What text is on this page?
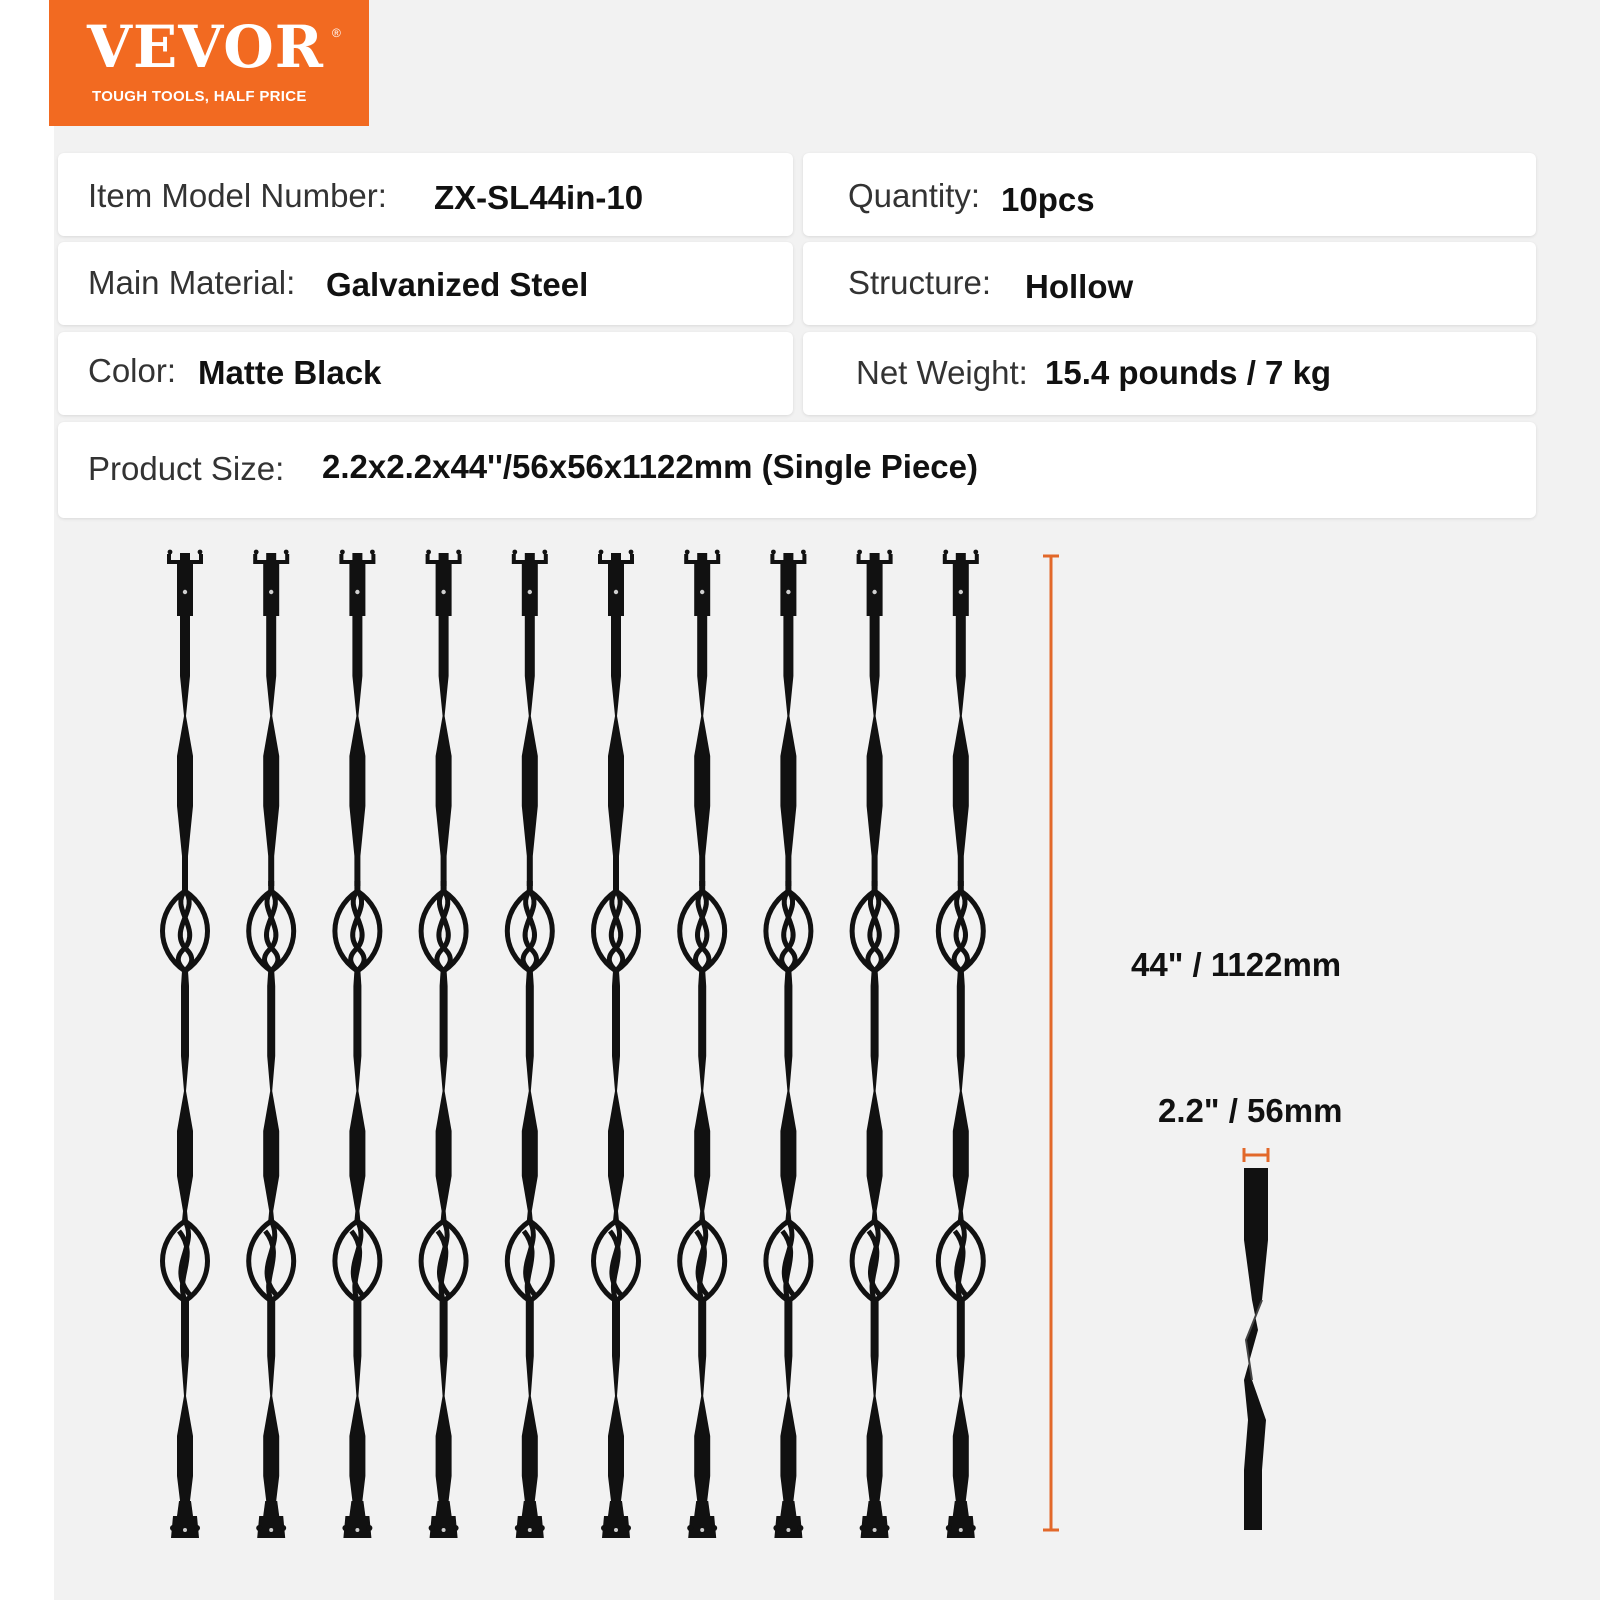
VEVOR ®
TOUGH TOOLS, HALF PRICE
Item Model Number: ZX-SL44in-10	Quantity: 10pcs
Main Material: Galvanized Steel	Structure: Hollow
Color: Matte Black	Net Weight: 15.4 pounds / 7 kg
Product Size: 2.2x2.2x44''/56x56x1122mm (Single Piece)
44" / 1122mm
2.2" / 56mm
